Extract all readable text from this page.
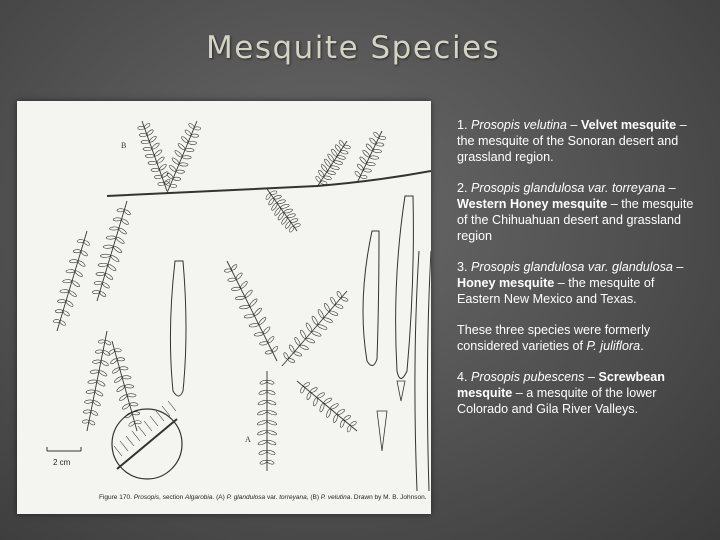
Mesquite Species
B
A
2 cm
Figure 170. Prosopis, section Algarobia. (A) P. glandulosa var. torreyana, (B) P. velutina. Drawn by M. B. Johnson.

1. Prosopis velutina – Velvet mesquite –the mesquite of the Sonoran desert and grassland region.

2. Prosopis glandulosa var. torreyana – Western Honey mesquite – the mesquite of the Chihuahuan desert and grassland region

3. Prosopis glandulosa var. glandulosa – Honey mesquite – the mesquite of Eastern New Mexico and Texas.

These three species were formerly considered varieties of P. juliflora.

4. Prosopis pubescens – Screwbean mesquite – a mesquite of the lower Colorado and Gila River Valleys.
